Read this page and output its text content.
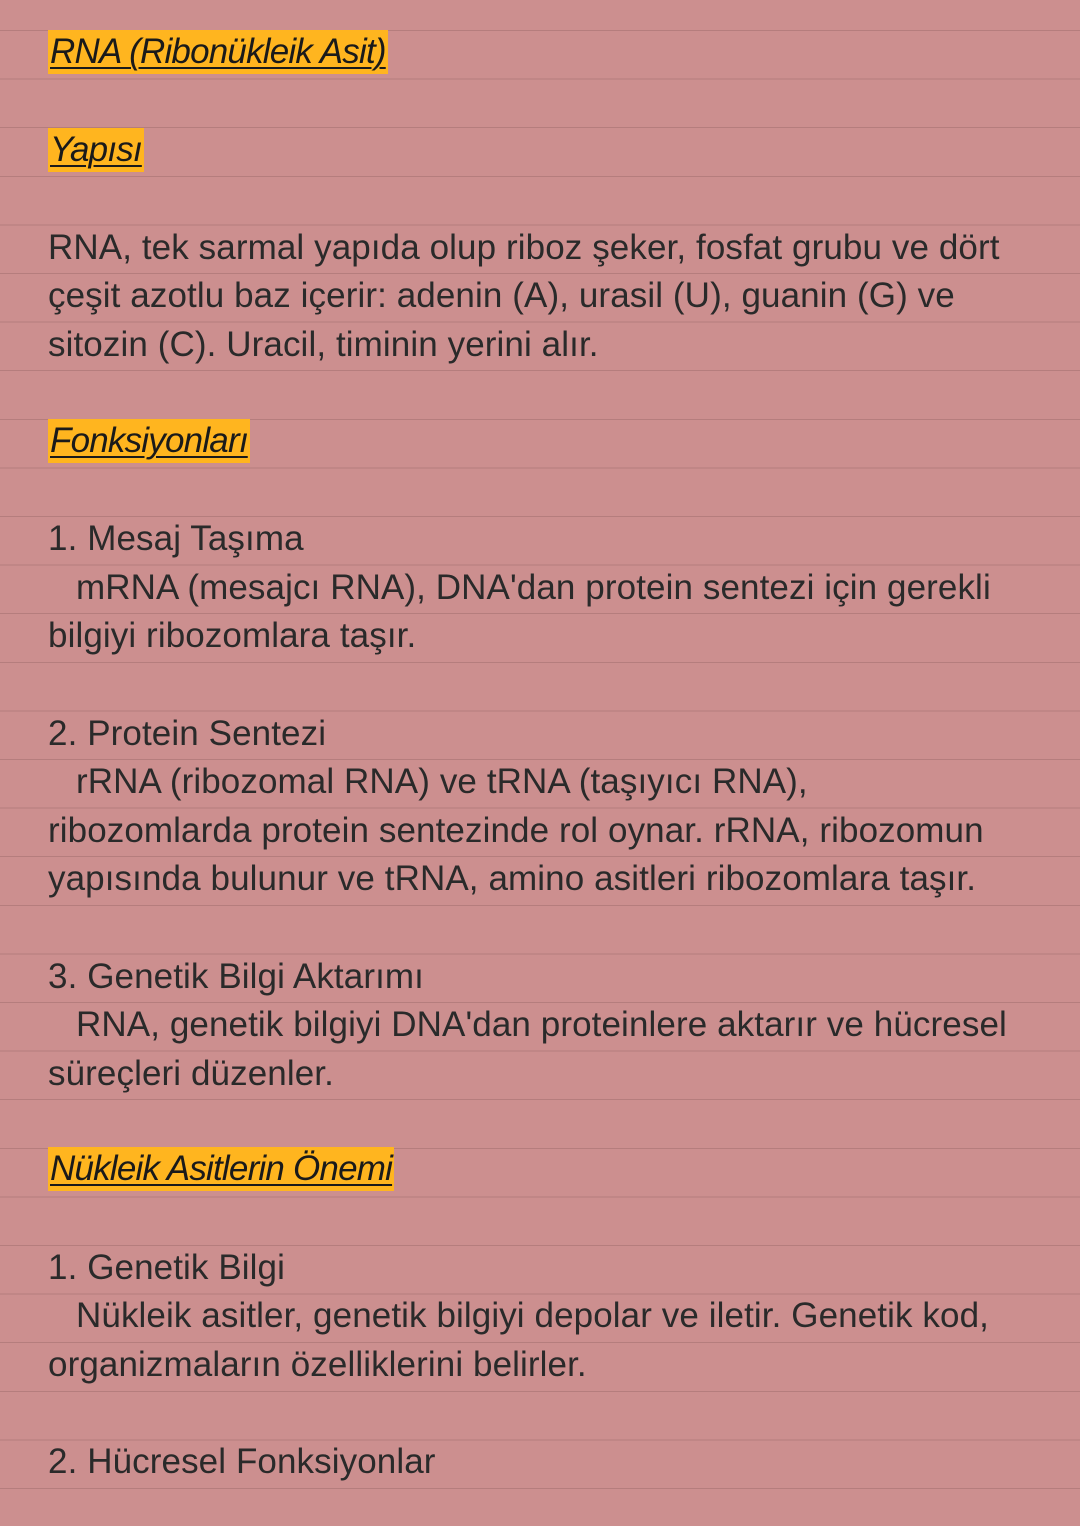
RNA (Ribonükleik Asit)
Yapısı
RNA, tek sarmal yapıda olup riboz şeker, fosfat grubu ve dört
çeşit azotlu baz içerir: adenin (A), urasil (U), guanin (G) ve
sitozin (C). Uracil, timinin yerini alır.
Fonksiyonları
1. Mesaj Taşıma
mRNA (mesajcı RNA), DNA'dan protein sentezi için gerekli
bilgiyi ribozomlara taşır.
2. Protein Sentezi
rRNA (ribozomal RNA) ve tRNA (taşıyıcı RNA),
ribozomlarda protein sentezinde rol oynar. rRNA, ribozomun
yapısında bulunur ve tRNA, amino asitleri ribozomlara taşır.
3. Genetik Bilgi Aktarımı
RNA, genetik bilgiyi DNA'dan proteinlere aktarır ve hücresel
süreçleri düzenler.
Nükleik Asitlerin Önemi
1. Genetik Bilgi
Nükleik asitler, genetik bilgiyi depolar ve iletir. Genetik kod,
organizmaların özelliklerini belirler.
2. Hücresel Fonksiyonlar
